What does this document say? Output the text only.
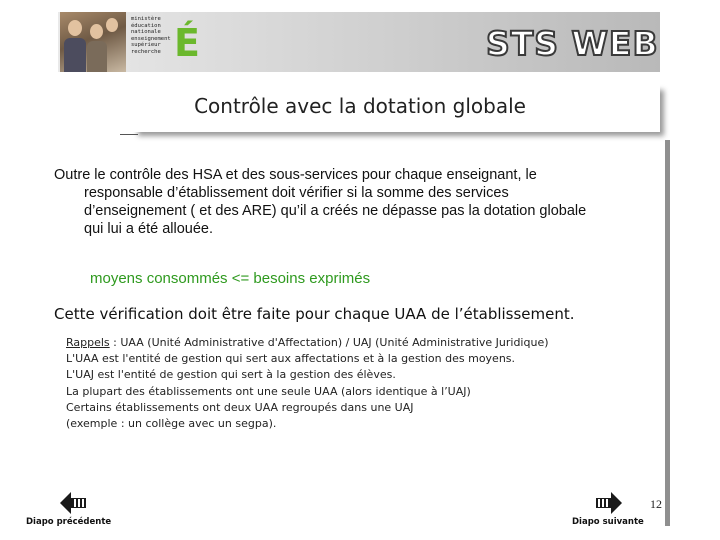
ministère
éducation
nationale
enseignement
supérieur
recherche É	STS WEB
Contrôle avec la dotation globale
Outre le contrôle des HSA et des sous-services pour chaque enseignant, le
responsable d’établissement doit vérifier si la somme des services
d’enseignement ( et des ARE) qu’il a créés ne dépasse pas la dotation globale
qui lui a été allouée.
moyens consommés <= besoins exprimés
Cette vérification doit être faite pour chaque UAA de l’établissement.
Rappels : UAA (Unité Administrative d'Affectation) / UAJ (Unité Administrative Juridique)
L'UAA est l'entité de gestion qui sert aux affectations et à la gestion des moyens.
L'UAJ est l'entité de gestion qui sert à la gestion des élèves.
La plupart des établissements ont une seule UAA (alors identique à l’UAJ)
Certains établissements ont deux UAA regroupés dans une UAJ
(exemple : un collège avec un segpa).
12
Diapo précédente	Diapo suivante
